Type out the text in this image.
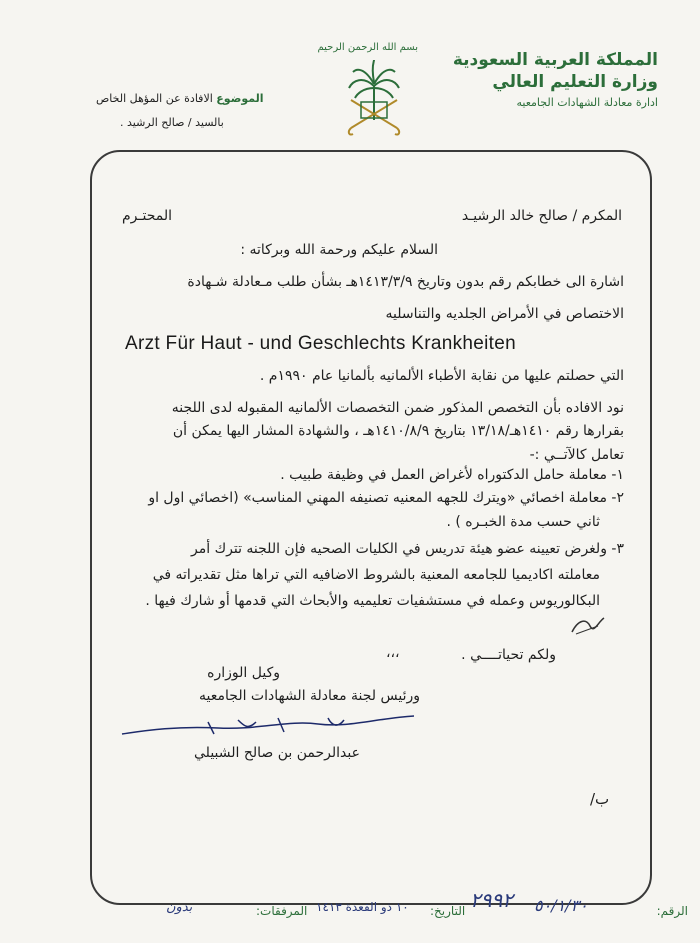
المملكة العربية السعودية
وزارة التعليم العالي
ادارة معادلة الشهادات الجامعيه
بسم الله الرحمن الرحيم
الموضوع الافادة عن المؤهل الخاص
بالسيد / صالح الرشيد .
المكرم / صالح خالد الرشيـد
المحتـرم
السلام عليكم ورحمة الله وبركاته :
اشارة الى خطابكم رقم بدون وتاريخ ١٤١٣/٣/٩هـ بشأن طلب مـعادلة شـهادة
الاختصاص في الأمراض الجلديه والتناسليه
Arzt Für Haut - und Geschlechts Krankheiten
التي حصلتم عليها من نقابة الأطباء الألمانيه بألمانيا عام ١٩٩٠م .
نود الافاده بأن التخصص المذكور ضمن التخصصات الألمانيه المقبوله لدى اللجنه
بقرارها رقم ١٤١٠هـ/١٣/١٨ بتاريخ ١٤١٠/٨/٩هـ ، والشهادة المشار اليها يمكن أن
تعامل كالآتــي :-
١- معاملة حامل الدكتوراه لأغراض العمل في وظيفة طبيب .
٢- معاملة اخصائي «ويترك للجهه المعنيه تصنيفه المهني المناسب» (اخصائي اول او
ثاني حسب مدة الخبـره ) .
٣- ولغرض تعيينه عضو هيئة تدريس في الكليات الصحيه فإن اللجنه تترك أمر
معاملته اكاديميا للجامعه المعنية بالشروط الاضافيه التي تراها مثل تقديراته في
البكالوريوس وعمله في مستشفيات تعليميه والأبحاث التي قدمها أو شارك فيها .
ولكم تحياتــــي .
،،،
وكيل الوزاره
ورئيس لجنة معادلة الشهادات الجامعيه
عبدالرحمن بن صالح الشبيلي
ب/
الرقم:
٥٠/١/٣٠
٢٩٩٢
التاريخ:
١٠ ذو القعدة ١٤١٣
المرفقات:
بدون
